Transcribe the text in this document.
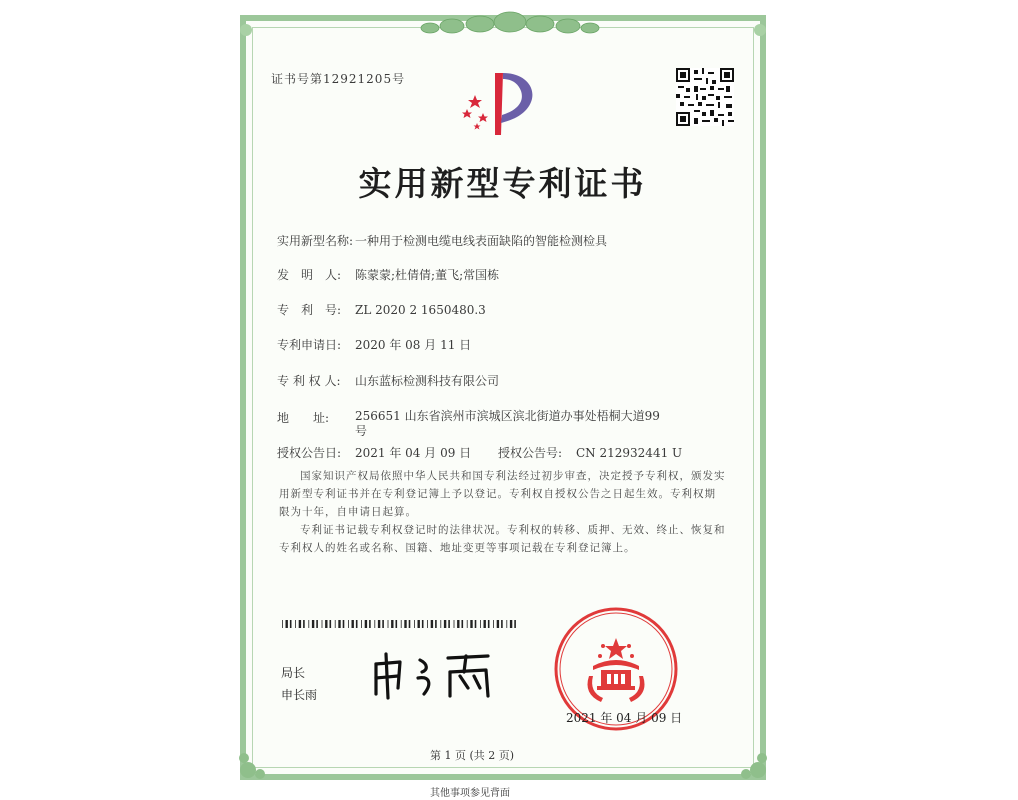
证书号第12921205号
实用新型专利证书
实用新型名称: 一种用于检测电缆电线表面缺陷的智能检测检具
发　明　人: 陈蒙蒙;杜倩倩;董飞;常国栋
专　利　号: ZL 2020 2 1650480.3
专利申请日: 2020 年 08 月 11 日
专 利 权 人: 山东蓝标检测科技有限公司
地　　址:	256651 山东省滨州市滨城区滨北街道办事处梧桐大道99号
授权公告日: 2021 年 04 月 09 日 授权公告号: CN 212932441 U
国家知识产权局依照中华人民共和国专利法经过初步审查，决定授予专利权，颁发实用新型专利证书并在专利登记簿上予以登记。专利权自授权公告之日起生效。专利权期限为十年，自申请日起算。
专利证书记载专利权登记时的法律状况。专利权的转移、质押、无效、终止、恢复和专利权人的姓名或名称、国籍、地址变更等事项记载在专利登记簿上。
局长
申长雨
2021 年 04 月 09 日
第 1 页 (共 2 页)
其他事项参见背面
